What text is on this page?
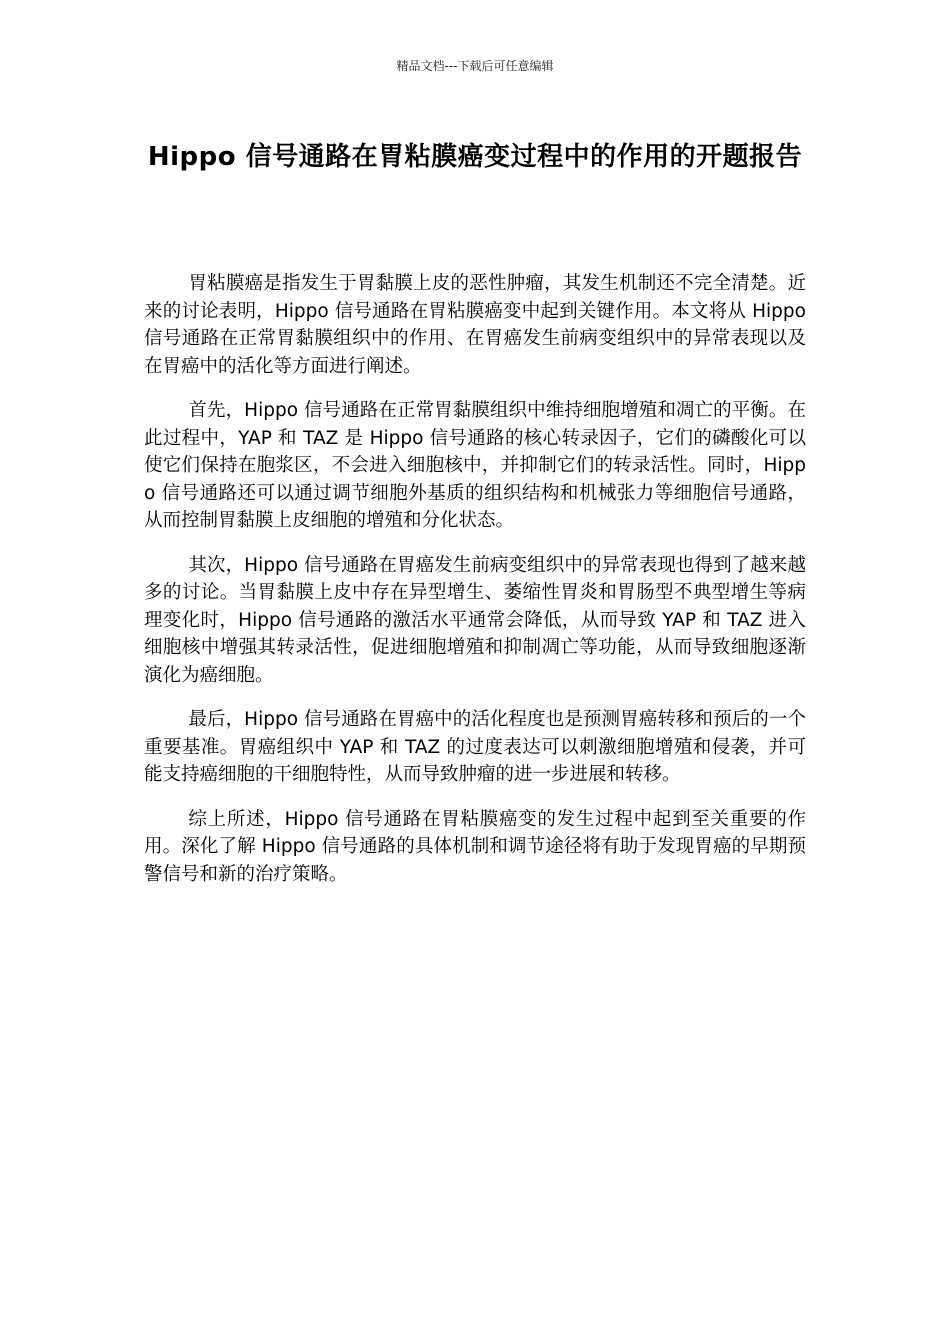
精品文档---下载后可任意编辑
Hippo 信号通路在胃粘膜癌变过程中的作用的开题报告

胃粘膜癌是指发生于胃黏膜上皮的恶性肿瘤，其发生机制还不完全清楚。近来的讨论表明，Hippo 信号通路在胃粘膜癌变中起到关键作用。本文将从 Hippo 信号通路在正常胃黏膜组织中的作用、在胃癌发生前病变组织中的异常表现以及在胃癌中的活化等方面进行阐述。

首先，Hippo 信号通路在正常胃黏膜组织中维持细胞增殖和凋亡的平衡。在此过程中，YAP 和 TAZ 是 Hippo 信号通路的核心转录因子，它们的磷酸化可以使它们保持在胞浆区，不会进入细胞核中，并抑制它们的转录活性。同时，Hippo 信号通路还可以通过调节细胞外基质的组织结构和机械张力等细胞信号通路，从而控制胃黏膜上皮细胞的增殖和分化状态。

其次，Hippo 信号通路在胃癌发生前病变组织中的异常表现也得到了越来越多的讨论。当胃黏膜上皮中存在异型增生、萎缩性胃炎和胃肠型不典型增生等病理变化时，Hippo 信号通路的激活水平通常会降低，从而导致 YAP 和 TAZ 进入细胞核中增强其转录活性，促进细胞增殖和抑制凋亡等功能，从而导致细胞逐渐演化为癌细胞。

最后，Hippo 信号通路在胃癌中的活化程度也是预测胃癌转移和预后的一个重要基准。胃癌组织中 YAP 和 TAZ 的过度表达可以刺激细胞增殖和侵袭，并可能支持癌细胞的干细胞特性，从而导致肿瘤的进一步进展和转移。

综上所述，Hippo 信号通路在胃粘膜癌变的发生过程中起到至关重要的作用。深化了解 Hippo 信号通路的具体机制和调节途径将有助于发现胃癌的早期预警信号和新的治疗策略。
